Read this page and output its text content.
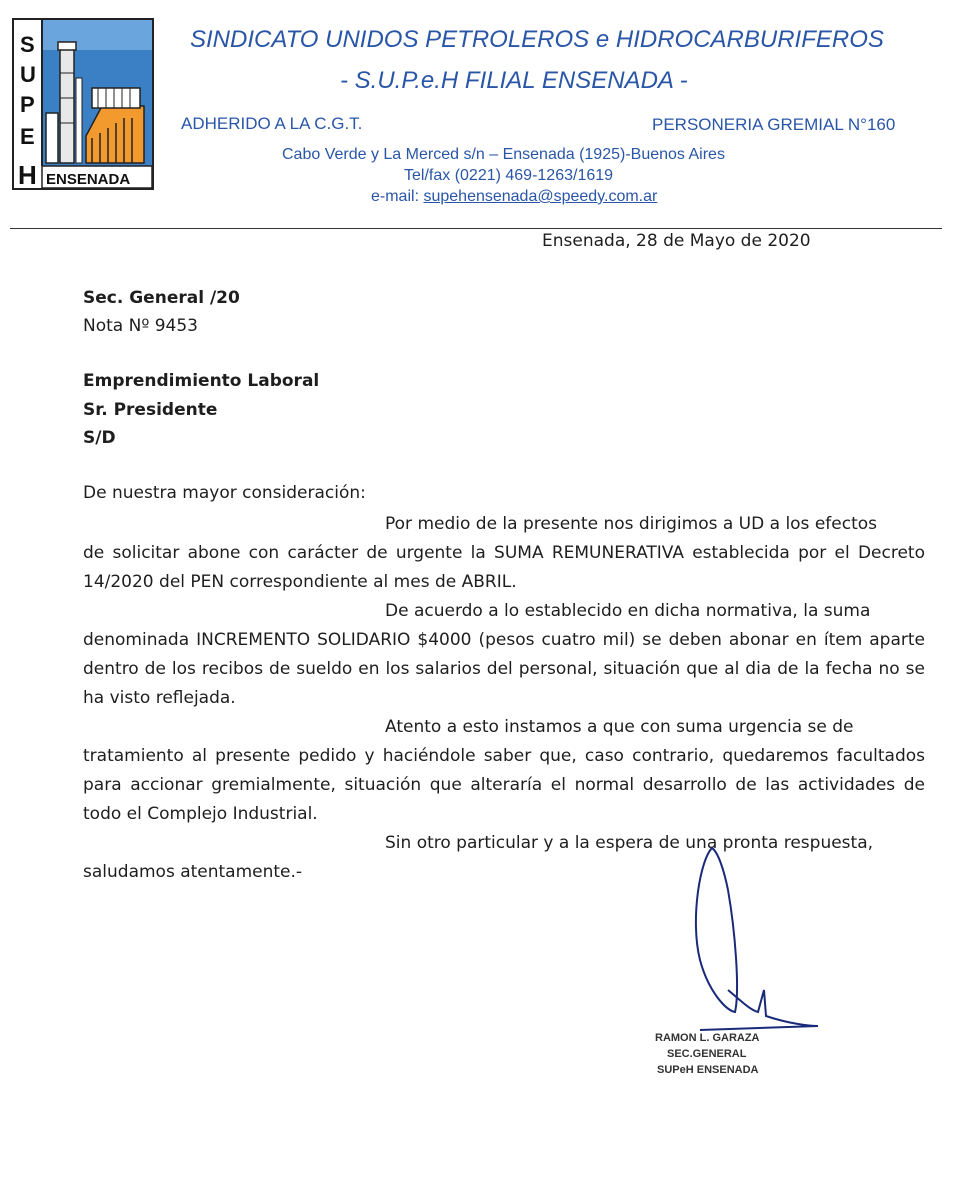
S
U
P
E
H ENSENADA
SINDICATO UNIDOS PETROLEROS e HIDROCARBURIFEROS
- S.U.P.e.H FILIAL ENSENADA -
ADHERIDO A LA C.G.T.	PERSONERIA GREMIAL N°160
Cabo Verde y La Merced s/n – Ensenada (1925)-Buenos Aires
Tel/fax (0221) 469-1263/1619
e-mail: supehensenada@speedy.com.ar
Ensenada, 28 de Mayo de 2020
Sec. General /20
Nota Nº 9453
Emprendimiento Laboral
Sr. Presidente
S/D
De nuestra mayor consideración:

Por medio de la presente nos dirigimos a UD a los efectos
de solicitar abone con carácter de urgente la SUMA REMUNERATIVA establecida por el Decreto 14/2020 del PEN correspondiente al mes de ABRIL.

De acuerdo a lo establecido en dicha normativa, la suma
denominada INCREMENTO SOLIDARIO $4000 (pesos cuatro mil) se deben abonar en ítem aparte dentro de los recibos de sueldo en los salarios del personal, situación que al dia de la fecha no se ha visto reflejada.

Atento a esto instamos a que con suma urgencia se de
tratamiento al presente pedido y haciéndole saber que, caso contrario, quedaremos facultados para accionar gremialmente, situación que alteraría el normal desarrollo de las actividades de todo el Complejo Industrial.

Sin otro particular y a la espera de una pronta respuesta,
saludamos atentamente.-

RAMON L. GARAZA
SEC.GENERAL
SUPeH ENSENADA
